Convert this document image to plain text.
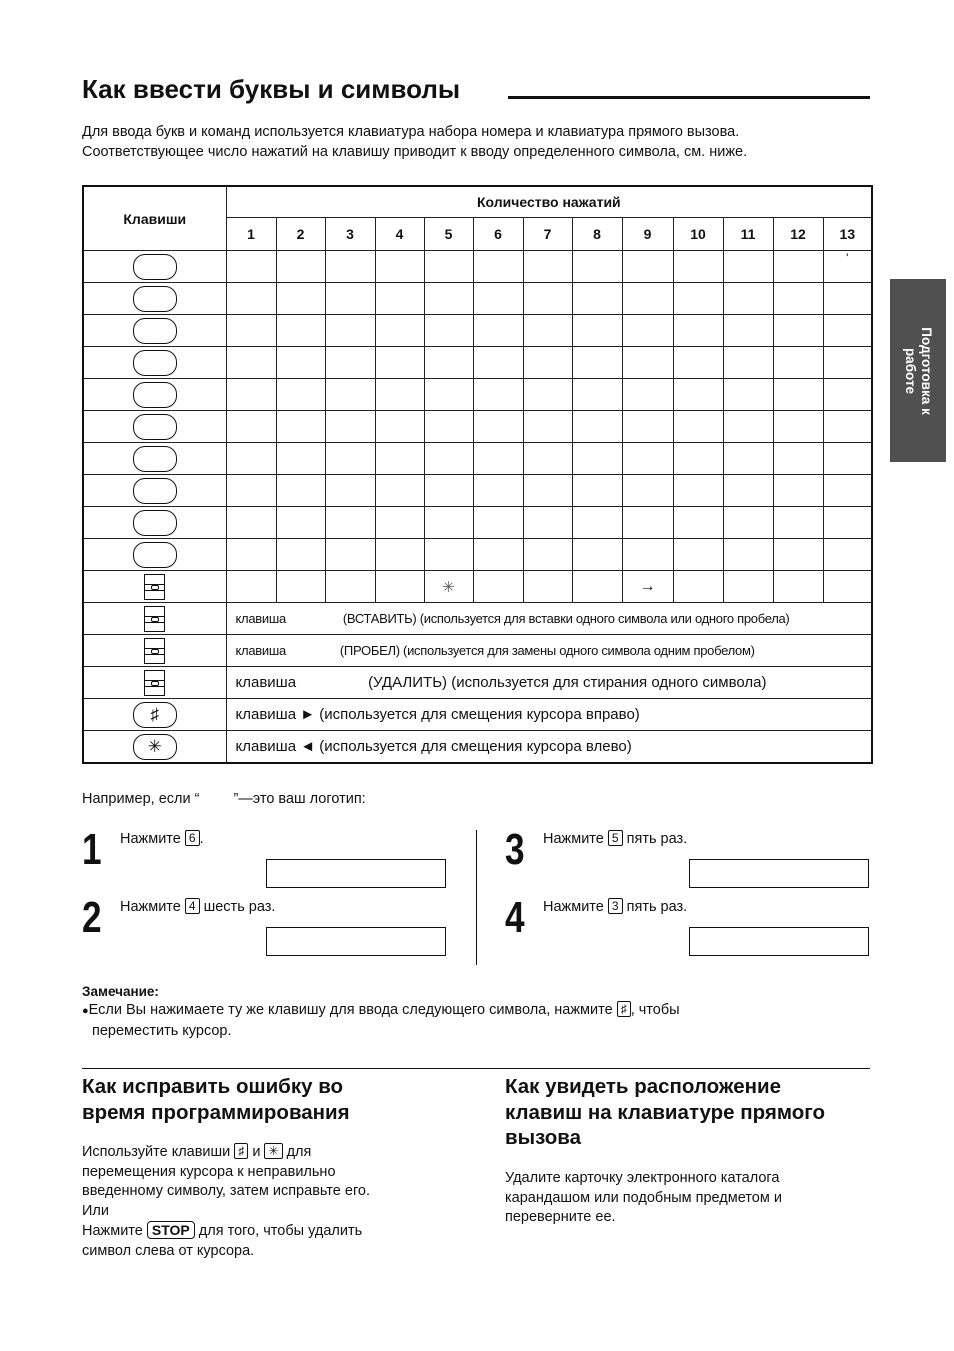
Как ввести буквы и символы
Для ввода букв и команд используется клавиатура набора номера и клавиатура прямого вызова.
Соответствующее число нажатий на клавишу приводит к вводу определенного символа, см. ниже.
Клавиши	Количество нажатий												
	1	2	3	4	5	6	7	8	9	10	11	12	13
													'

					✳				→				
	клавиша (ВСТАВИТЬ) (используется для вставки одного символа или одного пробела)												
	клавиша (ПРОБЕЛ) (используется для замены одного символа одним пробелом)												
	клавиша (УДАЛИТЬ) (используется для стирания одного символа)												
♯	клавиша ► (используется для смещения курсора вправо)												
✳	клавиша ◄ (используется для смещения курсора влево)												
Подготовка к
работе
Например, если “ ”—это ваш логотип:
1 Нажмите 6 .
2 Нажмите 4 шесть раз.
3 Нажмите 5 пять раз.
4 Нажмите 3 пять раз.
Замечание:
●Если Вы нажимаете ту же клавишу для ввода следующего символа, нажмите ♯ , чтобы
переместить курсор.
Как исправить ошибку во
время программирования
Используйте клавиши ♯ и ✳ для
перемещения курсора к неправильно
введенному символу, затем исправьте его.
Или
Нажмите STOP для того, чтобы удалить
символ слева от курсора.
Как увидеть расположение
клавиш на клавиатуре прямого
вызова
Удалите карточку электронного каталога
карандашом или подобным предметом и
переверните ее.
